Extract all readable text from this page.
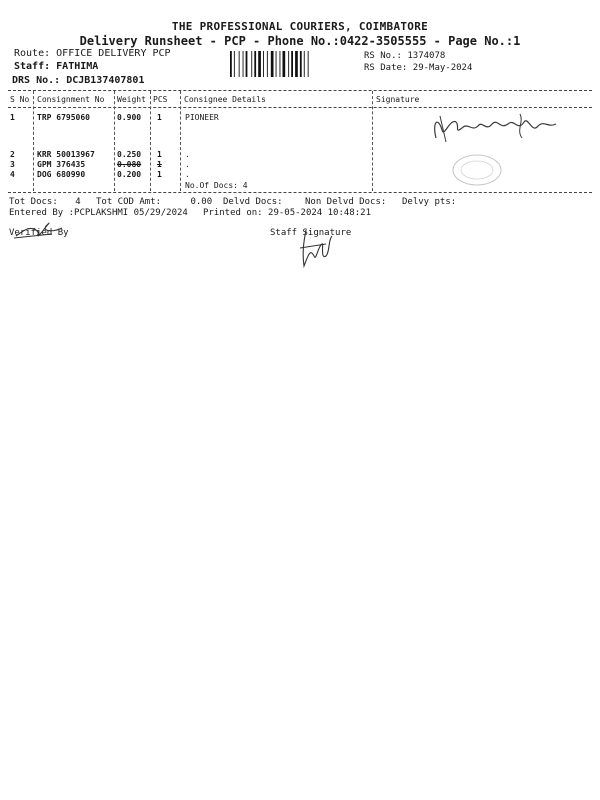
THE PROFESSIONAL COURIERS, COIMBATORE
Delivery Runsheet - PCP - Phone No.:0422-3505555 - Page No.:1
Route: OFFICE DELIVERY PCP
Staff: FATHIMA
DRS No.: DCJB137407801
RS No.: 1374078
RS Date: 29-May-2024
S No Consignment No Weight PCS Consignee Details	Signature
1	TRP 6795060	0.900 1	PIONEER
2	KRR 50013967	0.250 1	.
3	GPM 376435	0.080 1	.
4	DOG 680990	0.200 1	.
No.Of Docs: 4
Tot Docs: 4 Tot COD Amt:	0.00 Delvd Docs: Non Delvd Docs: Delvy pts:
Entered By :PCPLAKSHMI 05/29/2024 Printed on: 29-05-2024 10:48:21
Verified By	Staff Signature
